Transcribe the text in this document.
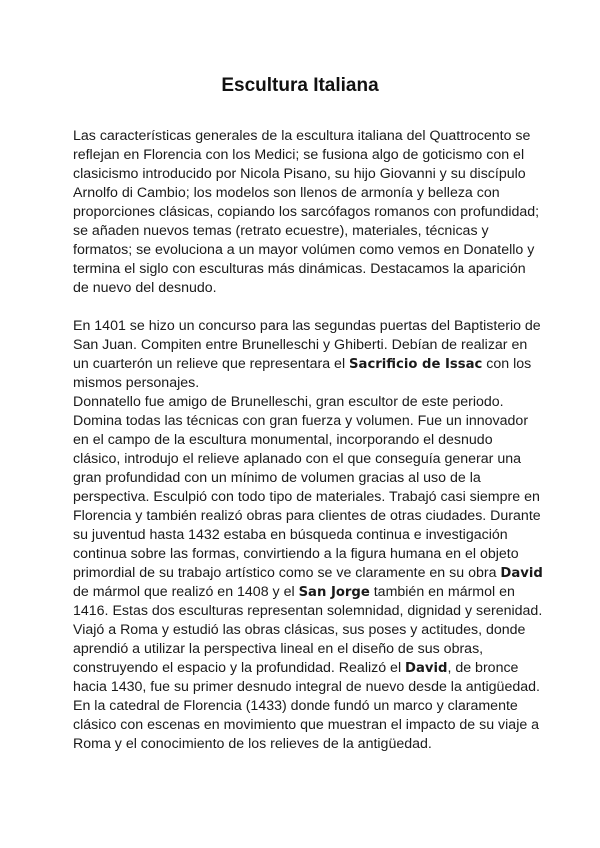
Escultura Italiana

Las características generales de la escultura italiana del Quattrocento se reflejan en Florencia con los Medici; se fusiona algo de goticismo con el clasicismo introducido por Nicola Pisano, su hijo Giovanni y su discípulo Arnolfo di Cambio; los modelos son llenos de armonía y belleza con proporciones clásicas, copiando los sarcófagos romanos con profundidad; se añaden nuevos temas (retrato ecuestre), materiales, técnicas y formatos; se evoluciona a un mayor volúmen como vemos en Donatello y termina el siglo con esculturas más dinámicas. Destacamos la aparición de nuevo del desnudo.

En 1401 se hizo un concurso para las segundas puertas del Baptisterio de San Juan. Compiten entre Brunelleschi y Ghiberti. Debían de realizar en un cuarterón un relieve que representara el Sacrificio de Issac con los mismos personajes.

Donnatello fue amigo de Brunelleschi, gran escultor de este periodo. Domina todas las técnicas con gran fuerza y volumen. Fue un innovador en el campo de la escultura monumental, incorporando el desnudo clásico, introdujo el relieve aplanado con el que conseguía generar una gran profundidad con un mínimo de volumen gracias al uso de la perspectiva. Esculpió con todo tipo de materiales. Trabajó casi siempre en Florencia y también realizó obras para clientes de otras ciudades. Durante su juventud hasta 1432 estaba en búsqueda continua e investigación continua sobre las formas, convirtiendo a la figura humana en el objeto primordial de su trabajo artístico como se ve claramente en su obra David de mármol que realizó en 1408 y el San Jorge también en mármol en 1416. Estas dos esculturas representan solemnidad, dignidad y serenidad.

Viajó a Roma y estudió las obras clásicas, sus poses y actitudes, donde aprendió a utilizar la perspectiva lineal en el diseño de sus obras, construyendo el espacio y la profundidad. Realizó el David, de bronce hacia 1430, fue su primer desnudo integral de nuevo desde la antigüedad. En la catedral de Florencia (1433) donde fundó un marco y claramente clásico con escenas en movimiento que muestran el impacto de su viaje a Roma y el conocimiento de los relieves de la antigüedad.
